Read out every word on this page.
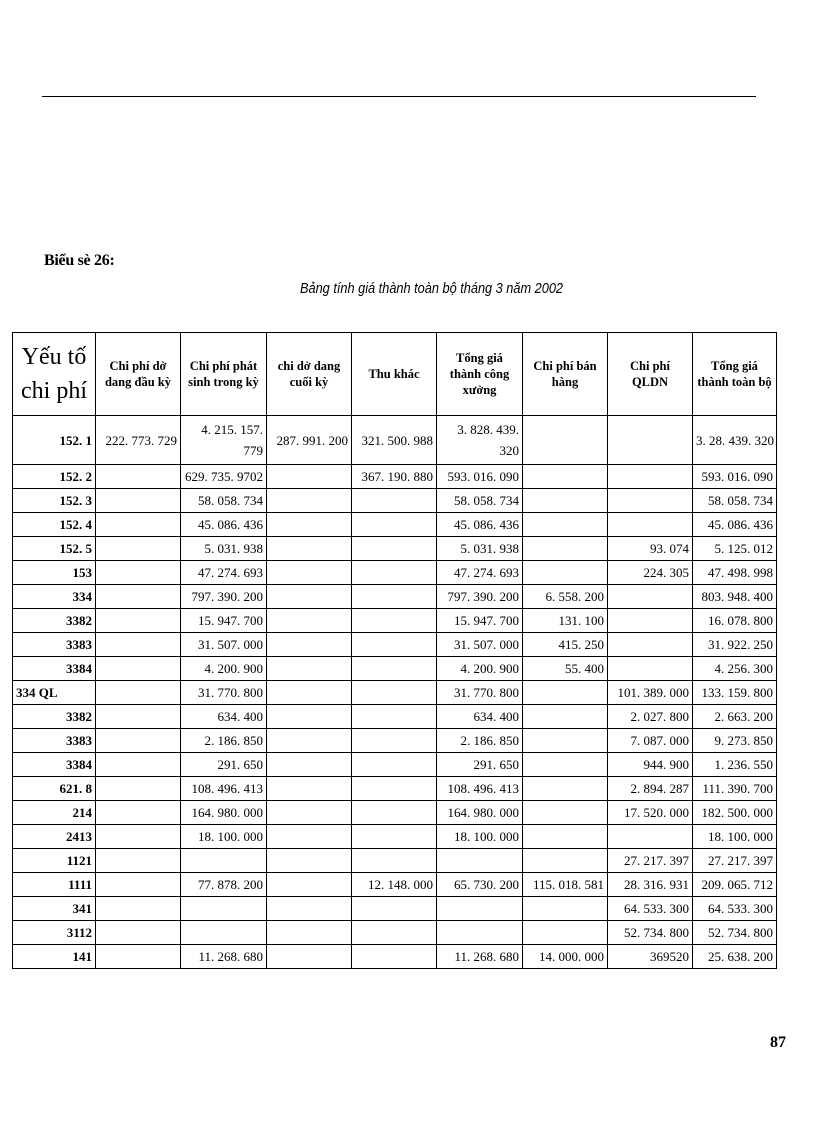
Biểu sè 26:
Bảng tính giá thành toàn bộ tháng 3 năm 2002
Yếu tố chi phí	Chi phí dở dang đầu kỳ	Chi phí phát sinh trong kỳ	chi dở dang cuối kỳ	Thu khác	Tổng giá thành công xưởng	Chi phí bán hàng	Chi phí QLDN	Tổng giá thành toàn bộ
152. 1	222. 773. 729	4. 215. 157. 779	287. 991. 200	321. 500. 988	3. 828. 439. 320			3. 28. 439. 320
152. 2		629. 735. 9702		367. 190. 880	593. 016. 090			593. 016. 090
152. 3		58. 058. 734			58. 058. 734			58. 058. 734
152. 4		45. 086. 436			45. 086. 436			45. 086. 436
152. 5		5. 031. 938			5. 031. 938		93. 074	5. 125. 012
153		47. 274. 693			47. 274. 693		224. 305	47. 498. 998
334		797. 390. 200			797. 390. 200	6. 558. 200		803. 948. 400
3382		15. 947. 700			15. 947. 700	131. 100		16. 078. 800
3383		31. 507. 000			31. 507. 000	415. 250		31. 922. 250
3384		4. 200. 900			4. 200. 900	55. 400		4. 256. 300
334 QL		31. 770. 800			31. 770. 800		101. 389. 000	133. 159. 800
3382		634. 400			634. 400		2. 027. 800	2. 663. 200
3383		2. 186. 850			2. 186. 850		7. 087. 000	9. 273. 850
3384		291. 650			291. 650		944. 900	1. 236. 550
621. 8		108. 496. 413			108. 496. 413		2. 894. 287	111. 390. 700
214		164. 980. 000			164. 980. 000		17. 520. 000	182. 500. 000
2413		18. 100. 000			18. 100. 000			18. 100. 000
1121							27. 217. 397	27. 217. 397
1111		77. 878. 200		12. 148. 000	65. 730. 200	115. 018. 581	28. 316. 931	209. 065. 712
341							64. 533. 300	64. 533. 300
3112							52. 734. 800	52. 734. 800
141		11. 268. 680			11. 268. 680	14. 000. 000	369520	25. 638. 200
87
